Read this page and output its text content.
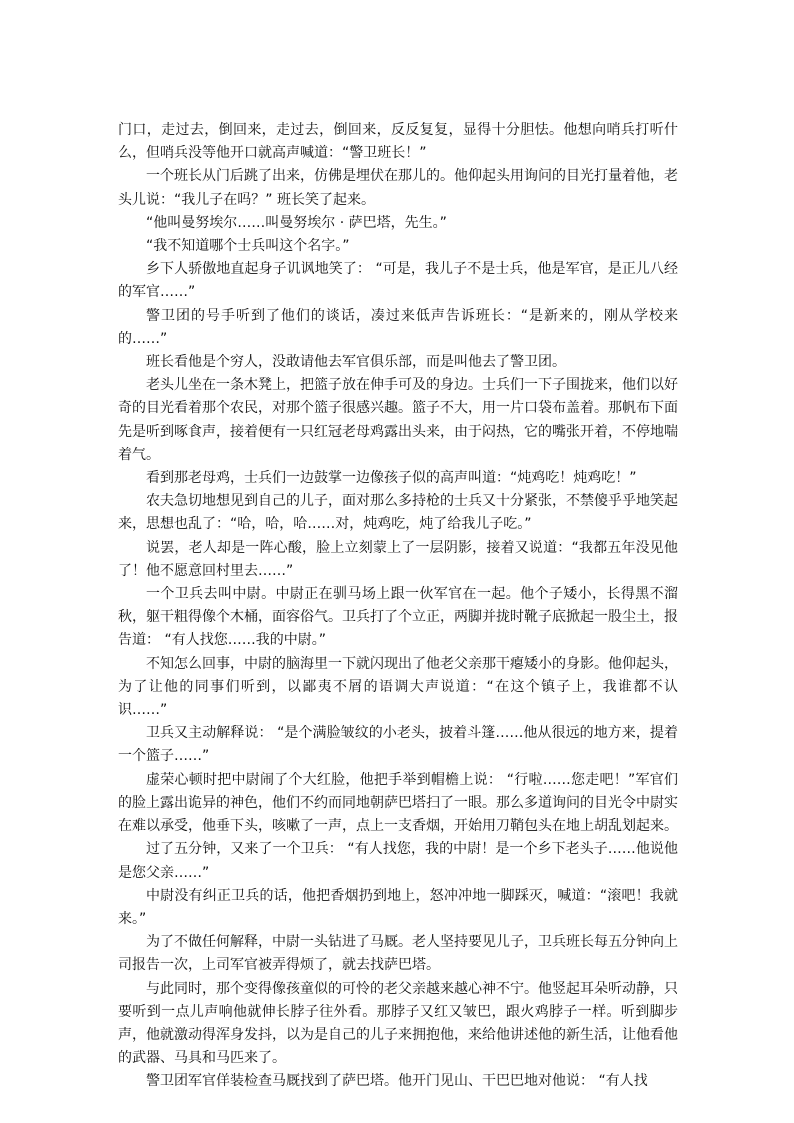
门口，走过去，倒回来，走过去，倒回来，反反复复，显得十分胆怯。他想向哨兵打听什么，但哨兵没等他开口就高声喊道：“警卫班长！”

一个班长从门后跳了出来，仿佛是埋伏在那儿的。他仰起头用询问的目光打量着他，老头儿说：“我儿子在吗？” 班长笑了起来。

“他叫曼努埃尔……叫曼努埃尔 · 萨巴塔，先生。”

“我不知道哪个士兵叫这个名字。”

乡下人骄傲地直起身子讥讽地笑了： “可是，我儿子不是士兵，他是军官，是正儿八经的军官……”

警卫团的号手听到了他们的谈话，凑过来低声告诉班长：“是新来的，刚从学校来的……”

班长看他是个穷人，没敢请他去军官俱乐部，而是叫他去了警卫团。

老头儿坐在一条木凳上，把篮子放在伸手可及的身边。士兵们一下子围拢来，他们以好奇的目光看着那个农民，对那个篮子很感兴趣。篮子不大，用一片口袋布盖着。那帆布下面先是听到啄食声，接着便有一只红冠老母鸡露出头来，由于闷热，它的嘴张开着，不停地喘着气。

看到那老母鸡，士兵们一边鼓掌一边像孩子似的高声叫道：“炖鸡吃！炖鸡吃！”

农夫急切地想见到自己的儿子，面对那么多持枪的士兵又十分紧张，不禁傻乎乎地笑起来，思想也乱了：“哈，哈，哈……对，炖鸡吃，炖了给我儿子吃。”

说罢，老人却是一阵心酸，脸上立刻蒙上了一层阴影，接着又说道：“我都五年没见他了！他不愿意回村里去……”

一个卫兵去叫中尉。中尉正在驯马场上跟一伙军官在一起。他个子矮小，长得黑不溜秋，躯干粗得像个木桶，面容俗气。卫兵打了个立正，两脚并拢时靴子底掀起一股尘土，报告道： “有人找您……我的中尉。”

不知怎么回事，中尉的脑海里一下就闪现出了他老父亲那干瘪矮小的身影。他仰起头，为了让他的同事们听到，以鄙夷不屑的语调大声说道：“在这个镇子上，我谁都不认识……”

卫兵又主动解释说： “是个满脸皱纹的小老头，披着斗篷……他从很远的地方来，提着一个篮子……”

虚荣心顿时把中尉闹了个大红脸，他把手举到帽檐上说： “行啦……您走吧！”军官们的脸上露出诡异的神色，他们不约而同地朝萨巴塔扫了一眼。那么多道询问的目光令中尉实在难以承受，他垂下头，咳嗽了一声，点上一支香烟，开始用刀鞘包头在地上胡乱划起来。

过了五分钟，又来了一个卫兵： “有人找您，我的中尉！是一个乡下老头子……他说他是您父亲……”

中尉没有纠正卫兵的话，他把香烟扔到地上，怒冲冲地一脚踩灭，喊道：“滚吧！我就来。”

为了不做任何解释，中尉一头钻进了马厩。老人坚持要见儿子，卫兵班长每五分钟向上司报告一次，上司军官被弄得烦了，就去找萨巴塔。

与此同时，那个变得像孩童似的可怜的老父亲越来越心神不宁。他竖起耳朵听动静，只要听到一点儿声响他就伸长脖子往外看。那脖子又红又皱巴，跟火鸡脖子一样。听到脚步声，他就激动得浑身发抖，以为是自己的儿子来拥抱他，来给他讲述他的新生活，让他看他的武器、马具和马匹来了。

警卫团军官佯装检查马厩找到了萨巴塔。他开门见山、干巴巴地对他说： “有人找
